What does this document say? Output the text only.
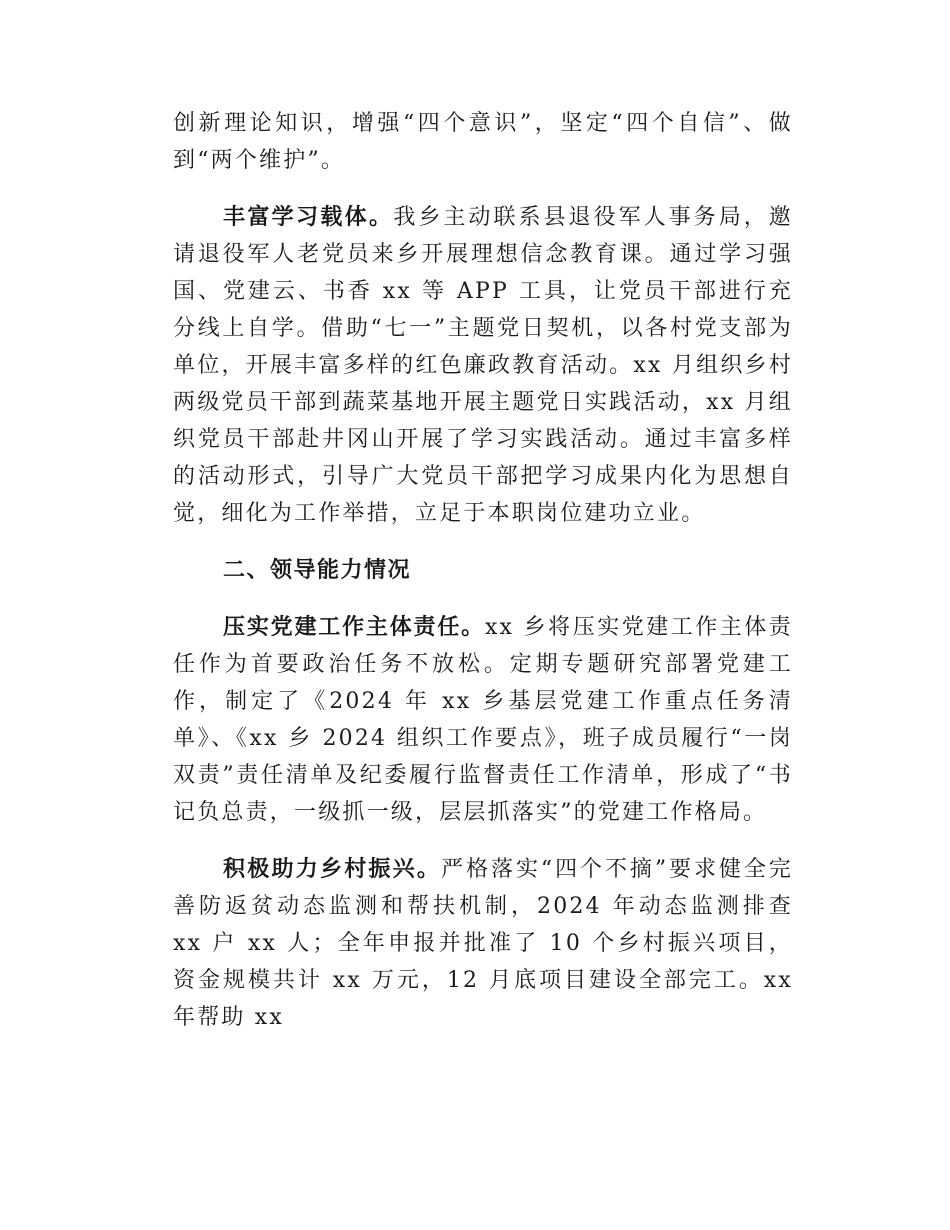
创新理论知识，增强“四个意识”，坚定“四个自信”、做到“两个维护”。

丰富学习载体。我乡主动联系县退役军人事务局，邀请退役军人老党员来乡开展理想信念教育课。通过学习强国、党建云、书香 xx 等 APP 工具，让党员干部进行充分线上自学。借助“七一”主题党日契机，以各村党支部为单位，开展丰富多样的红色廉政教育活动。xx 月组织乡村两级党员干部到蔬菜基地开展主题党日实践活动，xx 月组织党员干部赴井冈山开展了学习实践活动。通过丰富多样的活动形式，引导广大党员干部把学习成果内化为思想自觉，细化为工作举措，立足于本职岗位建功立业。

二、领导能力情况

压实党建工作主体责任。xx 乡将压实党建工作主体责任作为首要政治任务不放松。定期专题研究部署党建工作，制定了《2024 年 xx 乡基层党建工作重点任务清单》、《xx 乡 2024 组织工作要点》，班子成员履行“一岗双责”责任清单及纪委履行监督责任工作清单，形成了“书记负总责，一级抓一级，层层抓落实”的党建工作格局。

积极助力乡村振兴。严格落实“四个不摘”要求健全完善防返贫动态监测和帮扶机制，2024 年动态监测排查 xx 户 xx 人；全年申报并批准了 10 个乡村振兴项目，资金规模共计 xx 万元，12 月底项目建设全部完工。xx 年帮助 xx
